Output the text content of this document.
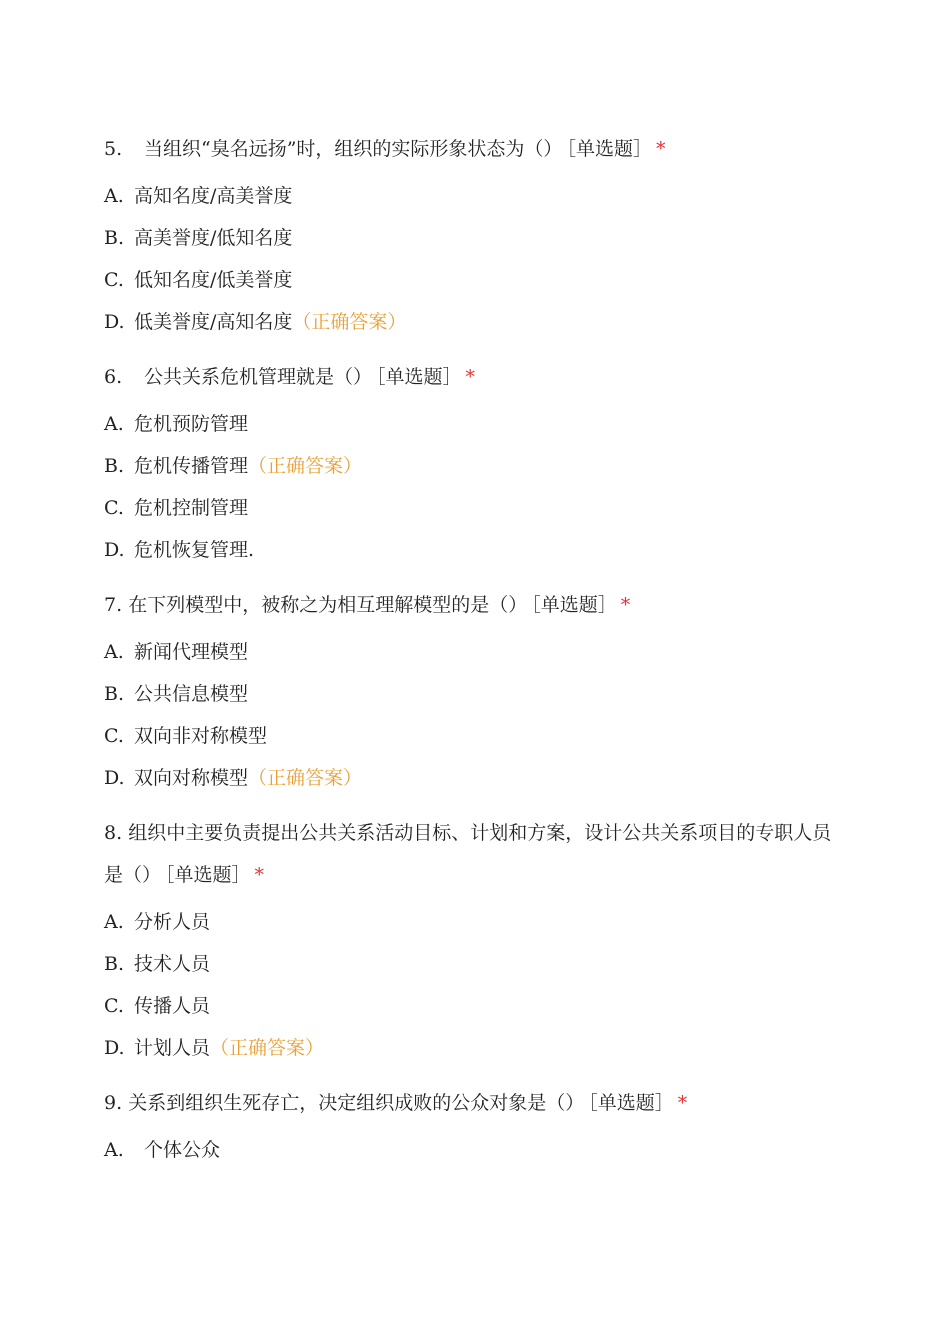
5. 当组织“臭名远扬”时，组织的实际形象状态为（） ［单选题］ *
A. 高知名度/高美誉度
B. 高美誉度/低知名度
C. 低知名度/低美誉度
D. 低美誉度/高知名度（正确答案）
6. 公共关系危机管理就是（） ［单选题］ *
A. 危机预防管理
B. 危机传播管理（正确答案）
C. 危机控制管理
D. 危机恢复管理.
7. 在下列模型中，被称之为相互理解模型的是（） ［单选题］ *
A. 新闻代理模型
B. 公共信息模型
C. 双向非对称模型
D. 双向对称模型（正确答案）
8. 组织中主要负责提出公共关系活动目标、计划和方案，设计公共关系项目的专职人员是（） ［单选题］ *
A. 分析人员
B. 技术人员
C. 传播人员
D. 计划人员（正确答案）
9. 关系到组织生死存亡，决定组织成败的公众对象是（） ［单选题］ *
A. 个体公众
